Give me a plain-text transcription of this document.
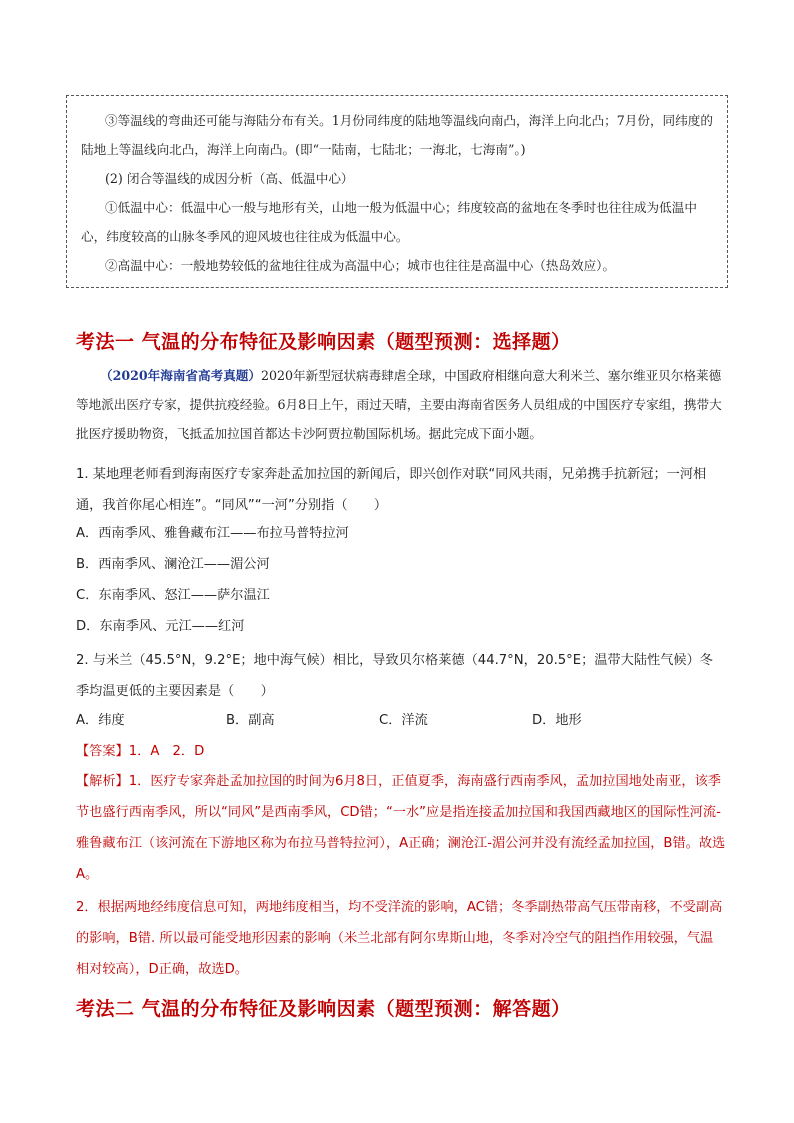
③等温线的弯曲还可能与海陆分布有关。1月份同纬度的陆地等温线向南凸，海洋上向北凸；7月份，同纬度的陆地上等温线向北凸，海洋上向南凸。(即“一陆南，七陆北；一海北，七海南”。)

(2) 闭合等温线的成因分析（高、低温中心）

①低温中心：低温中心一般与地形有关，山地一般为低温中心；纬度较高的盆地在冬季时也往往成为低温中心，纬度较高的山脉冬季风的迎风坡也往往成为低温中心。

②高温中心：一般地势较低的盆地往往成为高温中心；城市也往往是高温中心（热岛效应）。

考法一 气温的分布特征及影响因素（题型预测：选择题）

（2020年海南省高考真题）2020年新型冠状病毒肆虐全球，中国政府相继向意大利米兰、塞尔维亚贝尔格莱德等地派出医疗专家，提供抗疫经验。6月8日上午，雨过天晴，主要由海南省医务人员组成的中国医疗专家组，携带大批医疗援助物资，飞抵孟加拉国首都达卡沙阿贾拉勒国际机场。据此完成下面小题。

1. 某地理老师看到海南医疗专家奔赴孟加拉国的新闻后，即兴创作对联“同风共雨，兄弟携手抗新冠；一河相通，我首你尾心相连”。“同风”“一河”分别指（　　）

A．西南季风、雅鲁藏布江——布拉马普特拉河
B．西南季风、澜沧江——湄公河
C．东南季风、怒江——萨尔温江
D．东南季风、元江——红河

2. 与米兰（45.5°N，9.2°E；地中海气候）相比，导致贝尔格莱德（44.7°N，20.5°E；温带大陆性气候）冬季均温更低的主要因素是（　　）

A．纬度	B．副高	C．洋流	D．地形
【答案】1．A　2．D

【解析】1．医疗专家奔赴孟加拉国的时间为6月8日，正值夏季，海南盛行西南季风，孟加拉国地处南亚，该季节也盛行西南季风，所以“同风”是西南季风，CD错；“一水”应是指连接孟加拉国和我国西藏地区的国际性河流-雅鲁藏布江（该河流在下游地区称为布拉马普特拉河），A正确；澜沧江-湄公河并没有流经孟加拉国，B错。故选A。

2．根据两地经纬度信息可知，两地纬度相当，均不受洋流的影响，AC错；冬季副热带高气压带南移，不受副高的影响，B错. 所以最可能受地形因素的影响（米兰北部有阿尔卑斯山地，冬季对冷空气的阻挡作用较强，气温相对较高），D正确，故选D。

考法二 气温的分布特征及影响因素（题型预测：解答题）
